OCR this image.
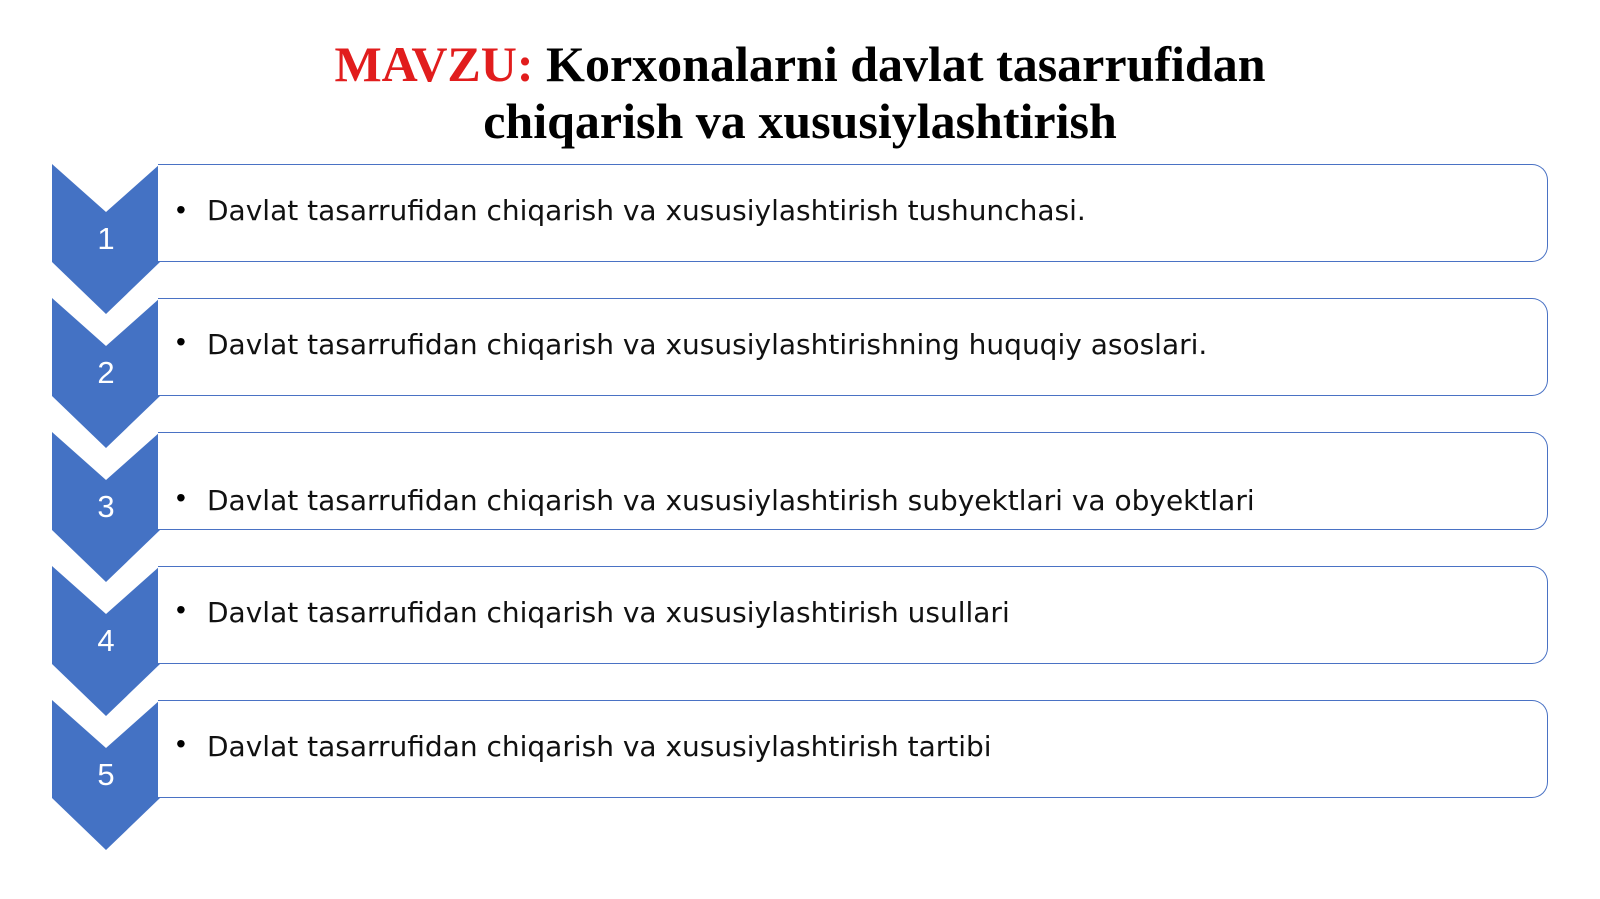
MAVZU: Korxonalarni davlat tasarrufidan
chiqarish va xususiylashtirish
1
• Davlat tasarrufidan chiqarish va xususiylashtirish tushunchasi.
2
• Davlat tasarrufidan chiqarish va xususiylashtirishning huquqiy asoslari.
3	• Davlat tasarrufidan chiqarish va xususiylashtirish subyektlari va obyektlari
4
• Davlat tasarrufidan chiqarish va xususiylashtirish usullari
5
• Davlat tasarrufidan chiqarish va xususiylashtirish tartibi
